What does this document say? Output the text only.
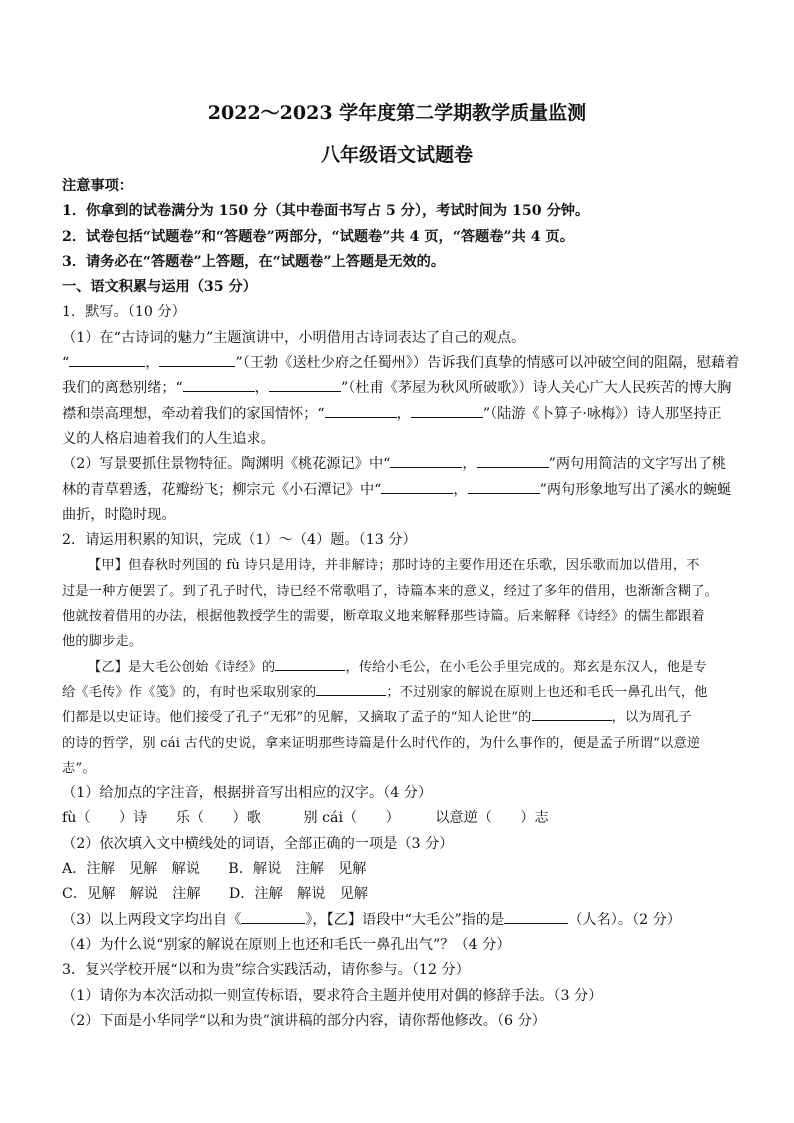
2022～2023 学年度第二学期教学质量监测
八年级语文试题卷
注意事项：
1．你拿到的试卷满分为 150 分（其中卷面书写占 5 分），考试时间为 150 分钟。
2．试卷包括“试题卷”和“答题卷”两部分，“试题卷”共 4 页，“答题卷”共 4 页。
3．请务必在“答题卷”上答题，在“试题卷”上答题是无效的。
一、语文积累与运用（35 分）
1．默写。（10 分）
（1）在“古诗词的魅力”主题演讲中，小明借用古诗词表达了自己的观点。
“	，	”（王勃《送杜少府之任蜀州》）告诉我们真挚的情感可以冲破空间的阻隔，慰藉着
我们的离愁别绪；“	，	”（杜甫《茅屋为秋风所破歌》）诗人关心广大人民疾苦的博大胸
襟和崇高理想，牵动着我们的家国情怀；“	，	”（陆游《卜算子·咏梅》）诗人那坚持正
义的人格启迪着我们的人生追求。
（2）写景要抓住景物特征。陶渊明《桃花源记》中“	，	”两句用简洁的文字写出了桃
林的青草碧透，花瓣纷飞；柳宗元《小石潭记》中“	，	”两句形象地写出了溪水的蜿蜒
曲折，时隐时现。
2．请运用积累的知识，完成（1）～（4）题。（13 分）
【甲】但春秋时列国的 fù 诗只是用诗，并非解诗；那时诗的主要作用还在乐歌，因乐歌而加以借用，不
过是一种方便罢了。到了孔子时代，诗已经不常歌唱了，诗篇本来的意义，经过了多年的借用，也渐渐含糊了。
他就按着借用的办法，根据他教授学生的需要，断章取义地来解释那些诗篇。后来解释《诗经》的儒生都跟着
他的脚步走。
【乙】是大毛公创始《诗经》的	，传给小毛公，在小毛公手里完成的。郑玄是东汉人，他是专
给《毛传》作《笺》的，有时也采取别家的	；不过别家的解说在原则上也还和毛氏一鼻孔出气，他
们都是以史证诗。他们接受了孔子“无邪”的见解，又摘取了孟子的“知人论世”的	，以为周孔子
的诗的哲学，别 cái 古代的史说，拿来证明那些诗篇是什么时代作的，为什么事作的，便是孟子所谓“以意逆
志”。
（1）给加点的字注音，根据拼音写出相应的汉字。（4 分）
fù（　　）诗　　乐（　　）歌　　　别 cái（　　）　　　以意逆（　　）志
（2）依次填入文中横线处的词语，全部正确的一项是（3 分）
A．注解　见解　解说　　B．解说　注解　见解
C．见解　解说　注解　　D．注解　解说　见解
（3）以上两段文字均出自《	》，【乙】语段中“大毛公”指的是	（人名）。（2 分）
（4）为什么说“别家的解说在原则上也还和毛氏一鼻孔出气”？（4 分）
3．复兴学校开展“以和为贵”综合实践活动，请你参与。（12 分）
（1）请你为本次活动拟一则宣传标语，要求符合主题并使用对偶的修辞手法。（3 分）
（2）下面是小华同学“以和为贵”演讲稿的部分内容，请你帮他修改。（6 分）
